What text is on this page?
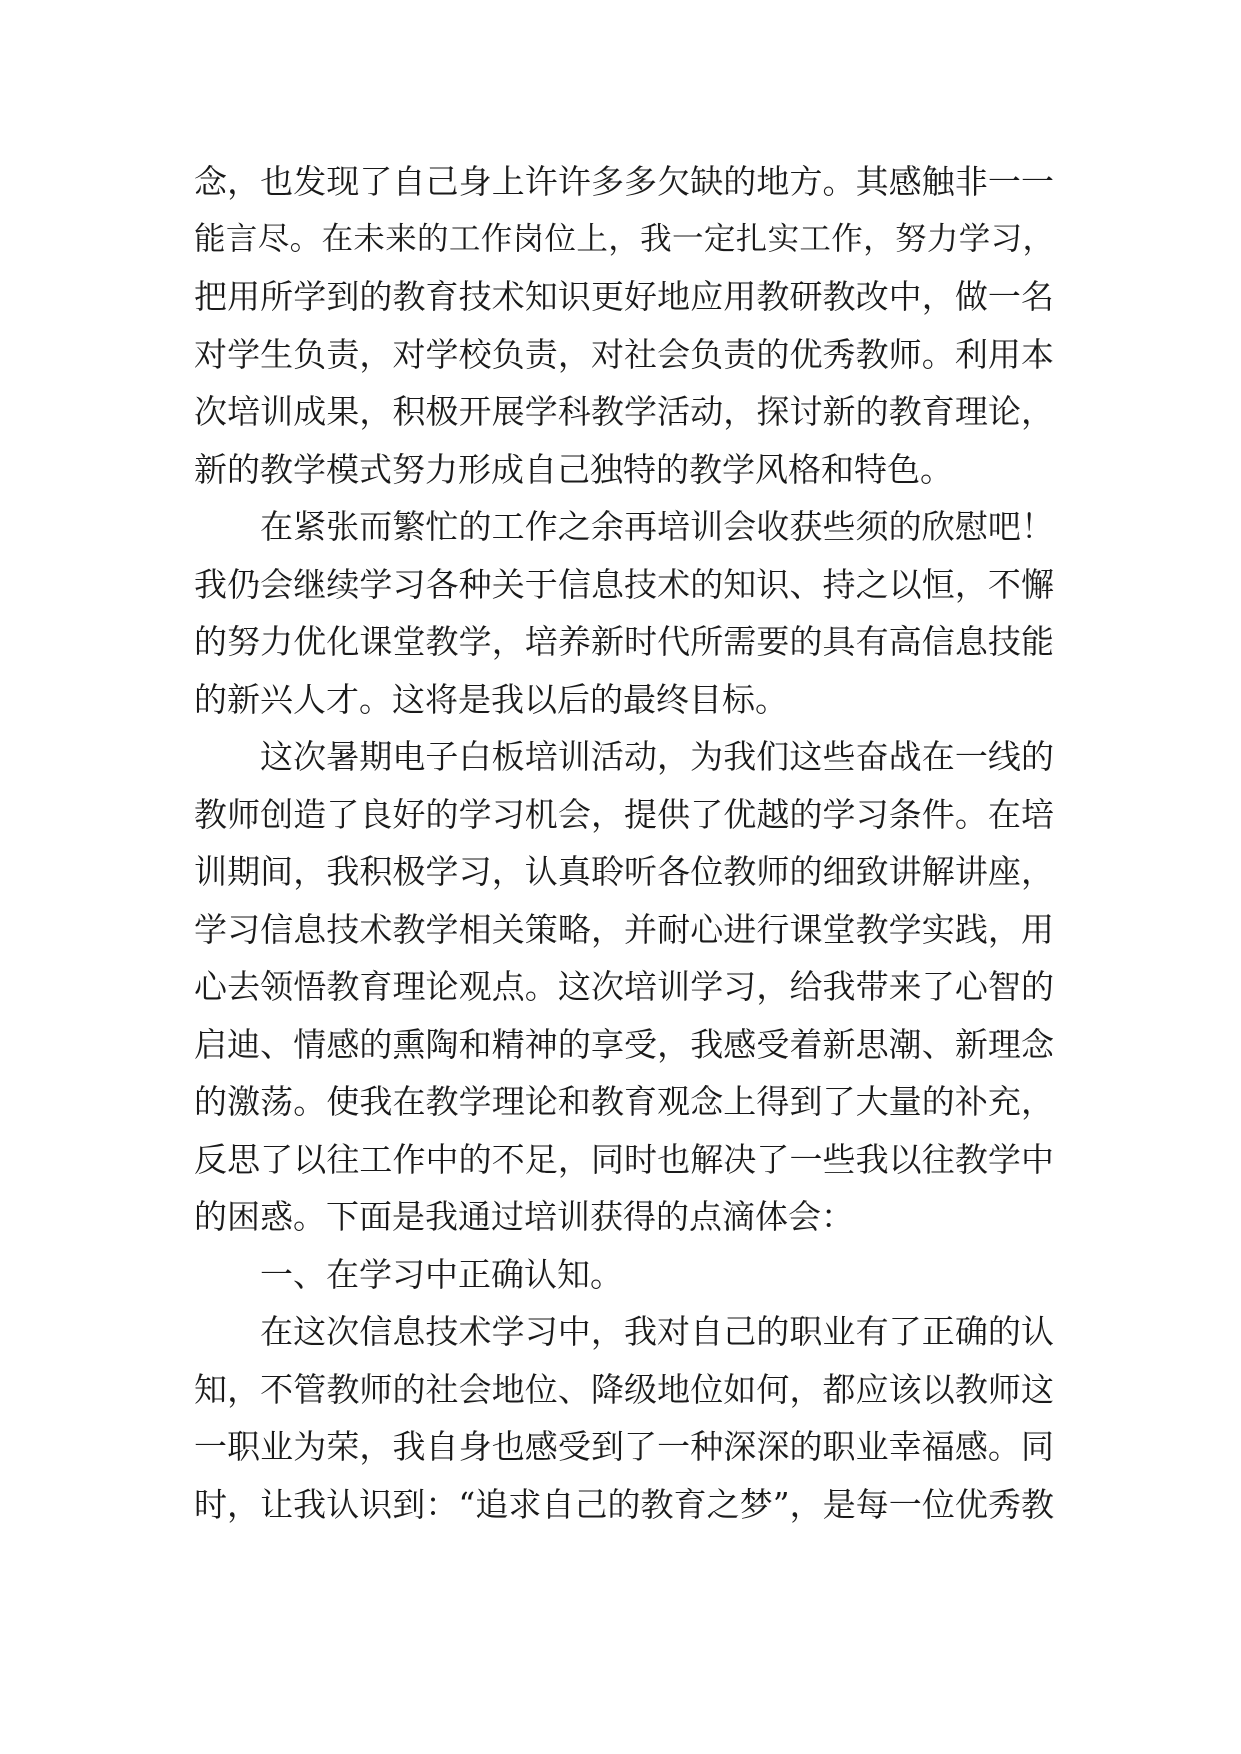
念，也发现了自己身上许许多多欠缺的地方。其感触非一一
能言尽。在未来的工作岗位上，我一定扎实工作，努力学习，
把用所学到的教育技术知识更好地应用教研教改中，做一名
对学生负责，对学校负责，对社会负责的优秀教师。利用本
次培训成果，积极开展学科教学活动，探讨新的教育理论，
新的教学模式努力形成自己独特的教学风格和特色。
在紧张而繁忙的工作之余再培训会收获些须的欣慰吧！
我仍会继续学习各种关于信息技术的知识、持之以恒，不懈
的努力优化课堂教学，培养新时代所需要的具有高信息技能
的新兴人才。这将是我以后的最终目标。
这次暑期电子白板培训活动，为我们这些奋战在一线的
教师创造了良好的学习机会，提供了优越的学习条件。在培
训期间，我积极学习，认真聆听各位教师的细致讲解讲座，
学习信息技术教学相关策略，并耐心进行课堂教学实践，用
心去领悟教育理论观点。这次培训学习，给我带来了心智的
启迪、情感的熏陶和精神的享受，我感受着新思潮、新理念
的激荡。使我在教学理论和教育观念上得到了大量的补充，
反思了以往工作中的不足，同时也解决了一些我以往教学中
的困惑。下面是我通过培训获得的点滴体会：
一、在学习中正确认知。
在这次信息技术学习中，我对自己的职业有了正确的认
知，不管教师的社会地位、降级地位如何，都应该以教师这
一职业为荣，我自身也感受到了一种深深的职业幸福感。同
时，让我认识到：“追求自己的教育之梦”，是每一位优秀教
